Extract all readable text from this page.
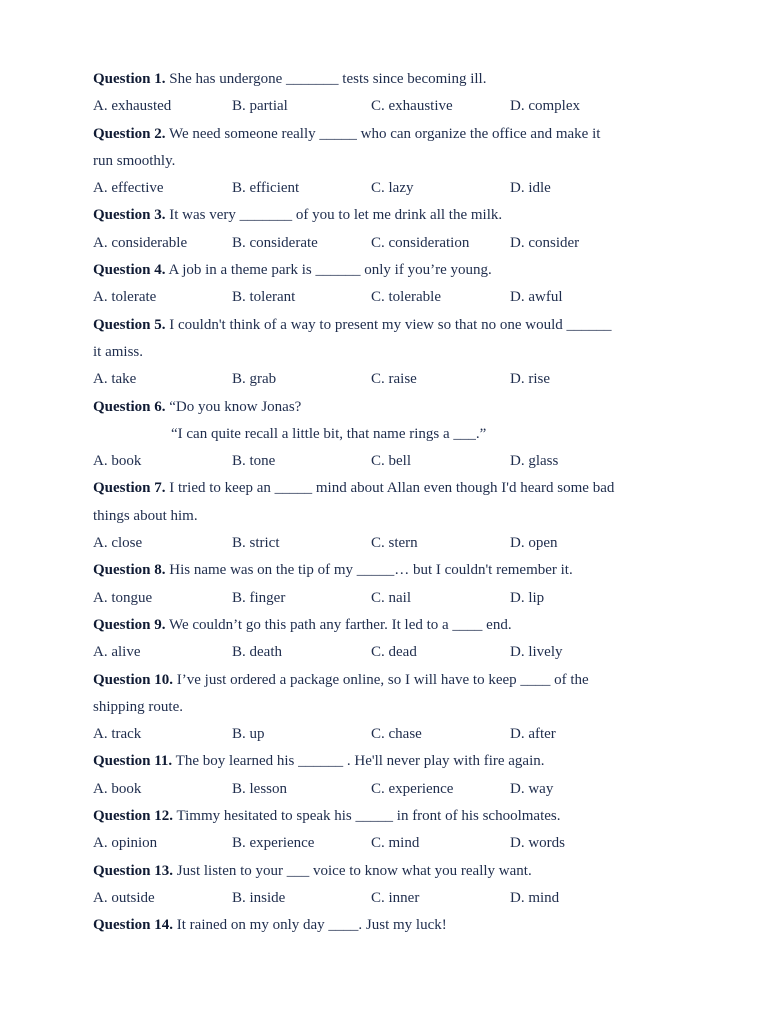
Question 1. She has undergone _______ tests since becoming ill.
A. exhausted	B. partial	C. exhaustive	D. complex
Question 2. We need someone really _____ who can organize the office and make it
run smoothly.
A. effective	B. efficient	C. lazy	D. idle
Question 3. It was very _______ of you to let me drink all the milk.
A. considerable	B. considerate	C. consideration	D. consider
Question 4. A job in a theme park is ______ only if you’re young.
A. tolerate	B. tolerant	C. tolerable	D. awful
Question 5. I couldn't think of a way to present my view so that no one would ______
it amiss.
A. take	B. grab	C. raise	D. rise
Question 6. “Do you know Jonas?
“I can quite recall a little bit, that name rings a ___.”
A. book	B. tone	C. bell	D. glass
Question 7. I tried to keep an _____ mind about Allan even though I'd heard some bad
things about him.
A. close	B. strict	C. stern	D. open
Question 8. His name was on the tip of my _____… but I couldn't remember it.
A. tongue	B. finger	C. nail	D. lip
Question 9. We couldn’t go this path any farther. It led to a ____ end.
A. alive	B. death	C. dead	D. lively
Question 10. I’ve just ordered a package online, so I will have to keep ____ of the
shipping route.
A. track	B. up	C. chase	D. after
Question 11. The boy learned his ______ . He'll never play with fire again.
A. book	B. lesson	C. experience	D. way
Question 12. Timmy hesitated to speak his _____ in front of his schoolmates.
A. opinion	B. experience	C. mind	D. words
Question 13. Just listen to your ___ voice to know what you really want.
A. outside	B. inside	C. inner	D. mind
Question 14. It rained on my only day ____. Just my luck!
